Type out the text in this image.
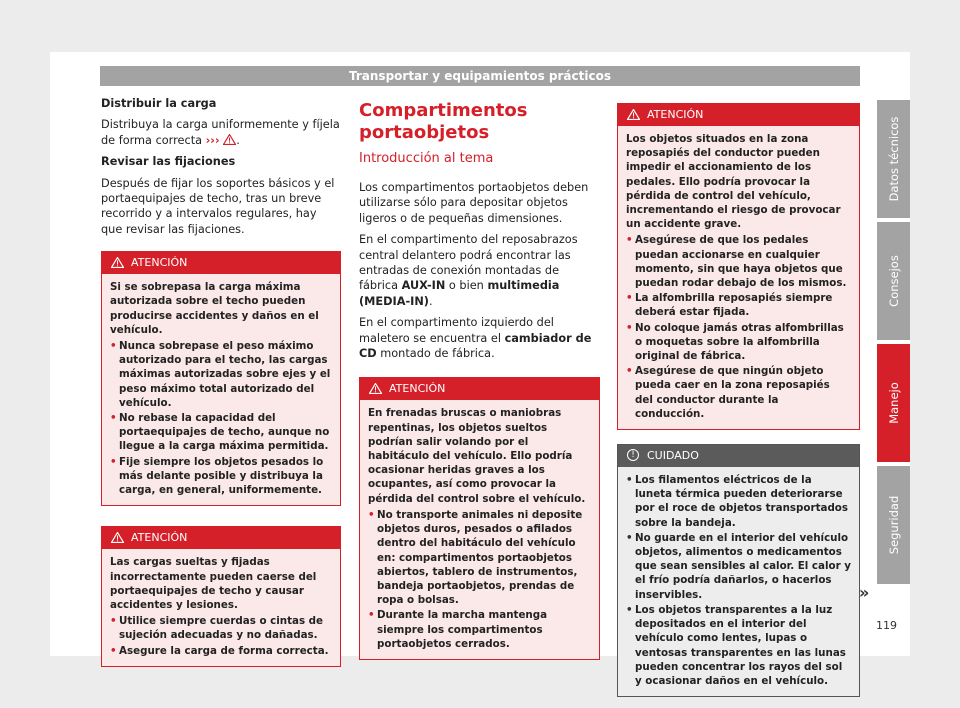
Transportar y equipamientos prácticos

Distribuir la carga

Distribuya la carga uniformemente y fíjela de forma correcta ››› .

Revisar las fijaciones

Después de fijar los soportes básicos y el portaequipajes de techo, tras un breve recorrido y a intervalos regulares, hay que revisar las fijaciones.

ATENCIÓN

Si se sobrepasa la carga máxima autorizada sobre el techo pueden producirse accidentes y daños en el vehículo.

• Nunca sobrepase el peso máximo autorizado para el techo, las cargas máximas autorizadas sobre ejes y el peso máximo total autorizado del vehículo.

• No rebase la capacidad del portaequipajes de techo, aunque no llegue a la carga máxima permitida.

• Fije siempre los objetos pesados lo más delante posible y distribuya la carga, en general, uniformemente.

ATENCIÓN

Las cargas sueltas y fijadas incorrectamente pueden caerse del portaequipajes de techo y causar accidentes y lesiones.

• Utilice siempre cuerdas o cintas de sujeción adecuadas y no dañadas.

• Asegure la carga de forma correcta.

Compartimentos portaobjetos
Introducción al tema

Los compartimentos portaobjetos deben utilizarse sólo para depositar objetos ligeros o de pequeñas dimensiones.

En el compartimento del reposabrazos central delantero podrá encontrar las entradas de conexión montadas de fábrica AUX-IN o bien multimedia (MEDIA-IN).

En el compartimento izquierdo del maletero se encuentra el cambiador de CD montado de fábrica.

ATENCIÓN

En frenadas bruscas o maniobras repentinas, los objetos sueltos podrían salir volando por el habitáculo del vehículo. Ello podría ocasionar heridas graves a los ocupantes, así como provocar la pérdida del control sobre el vehículo.

• No transporte animales ni deposite objetos duros, pesados o afilados dentro del habitáculo del vehículo en: compartimentos portaobjetos abiertos, tablero de instrumentos, bandeja portaobjetos, prendas de ropa o bolsas.

• Durante la marcha mantenga siempre los compartimentos portaobjetos cerrados.

ATENCIÓN

Los objetos situados en la zona reposapiés del conductor pueden impedir el accionamiento de los pedales. Ello podría provocar la pérdida de control del vehículo, incrementando el riesgo de provocar un accidente grave.

• Asegúrese de que los pedales puedan accionarse en cualquier momento, sin que haya objetos que puedan rodar debajo de los mismos.

• La alfombrilla reposapiés siempre deberá estar fijada.

• No coloque jamás otras alfombrillas o moquetas sobre la alfombrilla original de fábrica.

• Asegúrese de que ningún objeto pueda caer en la zona reposapiés del conductor durante la conducción.

!	CUIDADO

• Los filamentos eléctricos de la luneta térmica pueden deteriorarse por el roce de objetos transportados sobre la bandeja.

• No guarde en el interior del vehículo objetos, alimentos o medicamentos que sean sensibles al calor. El calor y el frío podría dañarlos, o hacerlos inservibles.

• Los objetos transparentes a la luz depositados en el interior del vehículo como lentes, lupas o ventosas transparentes en las lunas pueden concentrar los rayos del sol y ocasionar daños en el vehículo.

»
Datos técnicos
Consejos
Manejo
Seguridad
119
